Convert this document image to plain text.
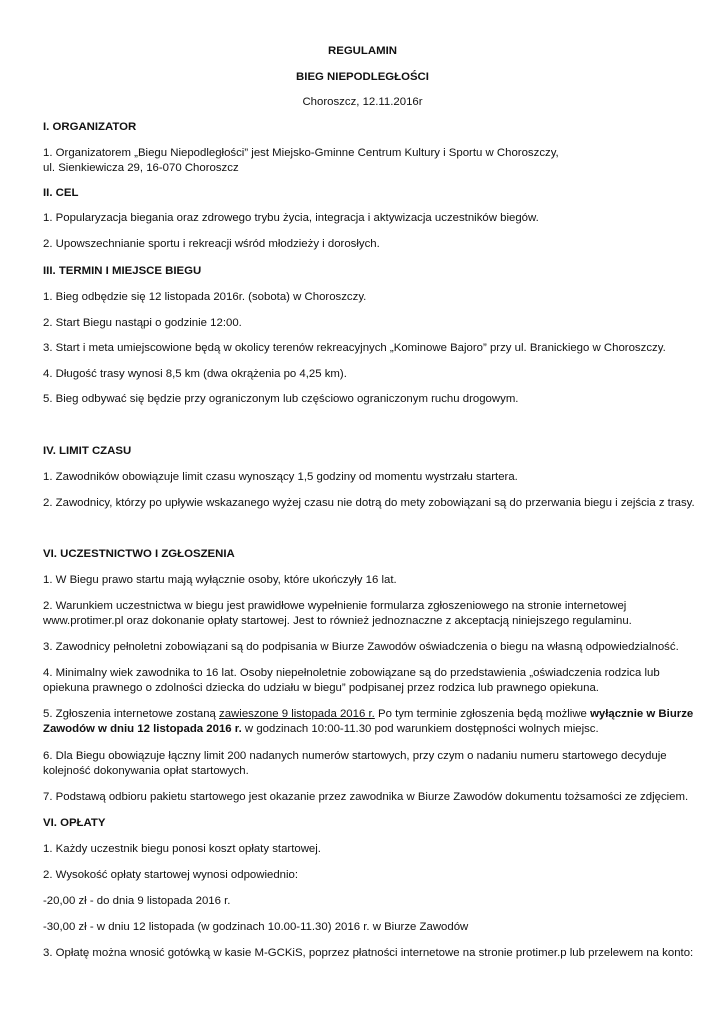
REGULAMIN
BIEG NIEPODLEGŁOŚCI
Choroszcz, 12.11.2016r
I. ORGANIZATOR
1. Organizatorem „Biegu Niepodległości” jest Miejsko-Gminne Centrum Kultury i Sportu w Choroszczy,
ul. Sienkiewicza 29, 16-070 Choroszcz
II. CEL
1. Popularyzacja biegania oraz zdrowego trybu życia, integracja i aktywizacja uczestników biegów.
2. Upowszechnianie sportu i rekreacji wśród młodzieży i dorosłych.
III. TERMIN I MIEJSCE BIEGU
1. Bieg odbędzie się 12 listopada 2016r. (sobota) w Choroszczy.
2. Start Biegu nastąpi o godzinie 12:00.
3. Start i meta umiejscowione będą w okolicy terenów rekreacyjnych „Kominowe Bajoro” przy ul. Branickiego w Choroszczy.
4. Długość trasy wynosi 8,5 km (dwa okrążenia po 4,25 km).
5. Bieg odbywać się będzie przy ograniczonym lub częściowo ograniczonym ruchu drogowym.
IV. LIMIT CZASU
1. Zawodników obowiązuje limit czasu wynoszący 1,5 godziny od momentu wystrzału startera.
2. Zawodnicy, którzy po upływie wskazanego wyżej czasu nie dotrą do mety zobowiązani są do przerwania biegu i zejścia z trasy.
VI. UCZESTNICTWO I ZGŁOSZENIA
1. W Biegu prawo startu mają wyłącznie osoby, które ukończyły 16 lat.
2. Warunkiem uczestnictwa w biegu jest prawidłowe wypełnienie formularza zgłoszeniowego na stronie internetowej
www.protimer.pl oraz dokonanie opłaty startowej. Jest to również jednoznaczne z akceptacją niniejszego regulaminu.
3. Zawodnicy pełnoletni zobowiązani są do podpisania w Biurze Zawodów oświadczenia o biegu na własną odpowiedzialność.
4. Minimalny wiek zawodnika to 16 lat. Osoby niepełnoletnie zobowiązane są do przedstawienia „oświadczenia rodzica lub
opiekuna prawnego o zdolności dziecka do udziału w biegu” podpisanej przez rodzica lub prawnego opiekuna.
5. Zgłoszenia internetowe zostaną zawieszone 9 listopada 2016 r. Po tym terminie zgłoszenia będą możliwe wyłącznie w Biurze
Zawodów w dniu 12 listopada 2016 r. w godzinach 10:00-11.30 pod warunkiem dostępności wolnych miejsc.
6. Dla Biegu obowiązuje łączny limit 200 nadanych numerów startowych, przy czym o nadaniu numeru startowego decyduje
kolejność dokonywania opłat startowych.
7. Podstawą odbioru pakietu startowego jest okazanie przez zawodnika w Biurze Zawodów dokumentu tożsamości ze zdjęciem.
VI. OPŁATY
1. Każdy uczestnik biegu ponosi koszt opłaty startowej.
2. Wysokość opłaty startowej wynosi odpowiednio:
-20,00 zł - do dnia 9 listopada 2016 r.
-30,00 zł - w dniu 12 listopada (w godzinach 10.00-11.30) 2016 r. w Biurze Zawodów
3. Opłatę można wnosić gotówką w kasie M-GCKiS, poprzez płatności internetowe na stronie protimer.p lub przelewem na konto:
